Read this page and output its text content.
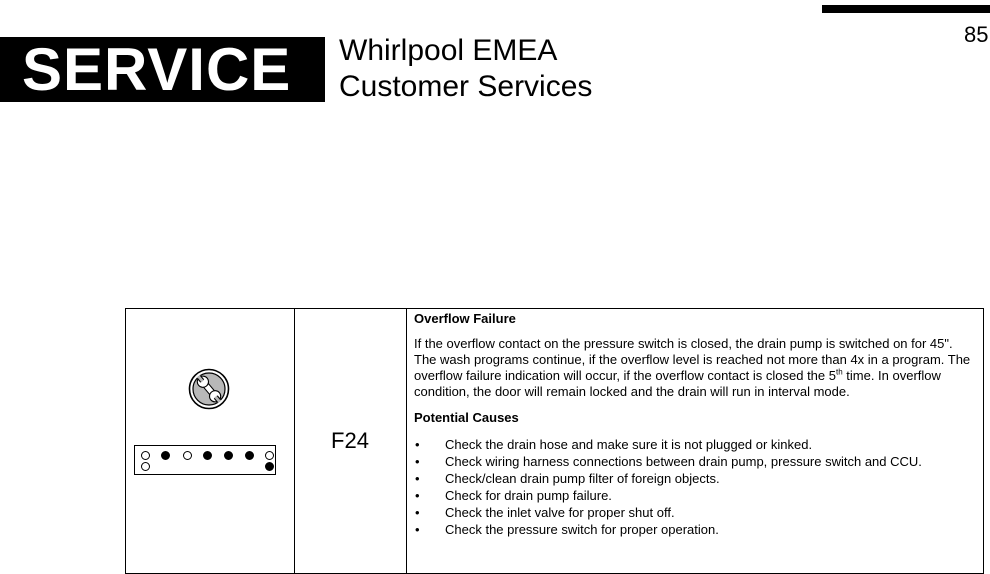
85
SERVICE	Whirlpool EMEA
Customer Services
F24
Overflow Failure

If the overflow contact on the pressure switch is closed, the drain pump is switched on for 45". The wash programs continue, if the overflow level is reached not more than 4x in a program. The overflow failure indication will occur, if the overflow contact is closed the 5th time. In overflow condition, the door will remain locked and the drain will run in interval mode.

Potential Causes
• Check the drain hose and make sure it is not plugged or kinked.
• Check wiring harness connections between drain pump, pressure switch and CCU.
• Check/clean drain pump filter of foreign objects.
• Check for drain pump failure.
• Check the inlet valve for proper shut off.
• Check the pressure switch for proper operation.
